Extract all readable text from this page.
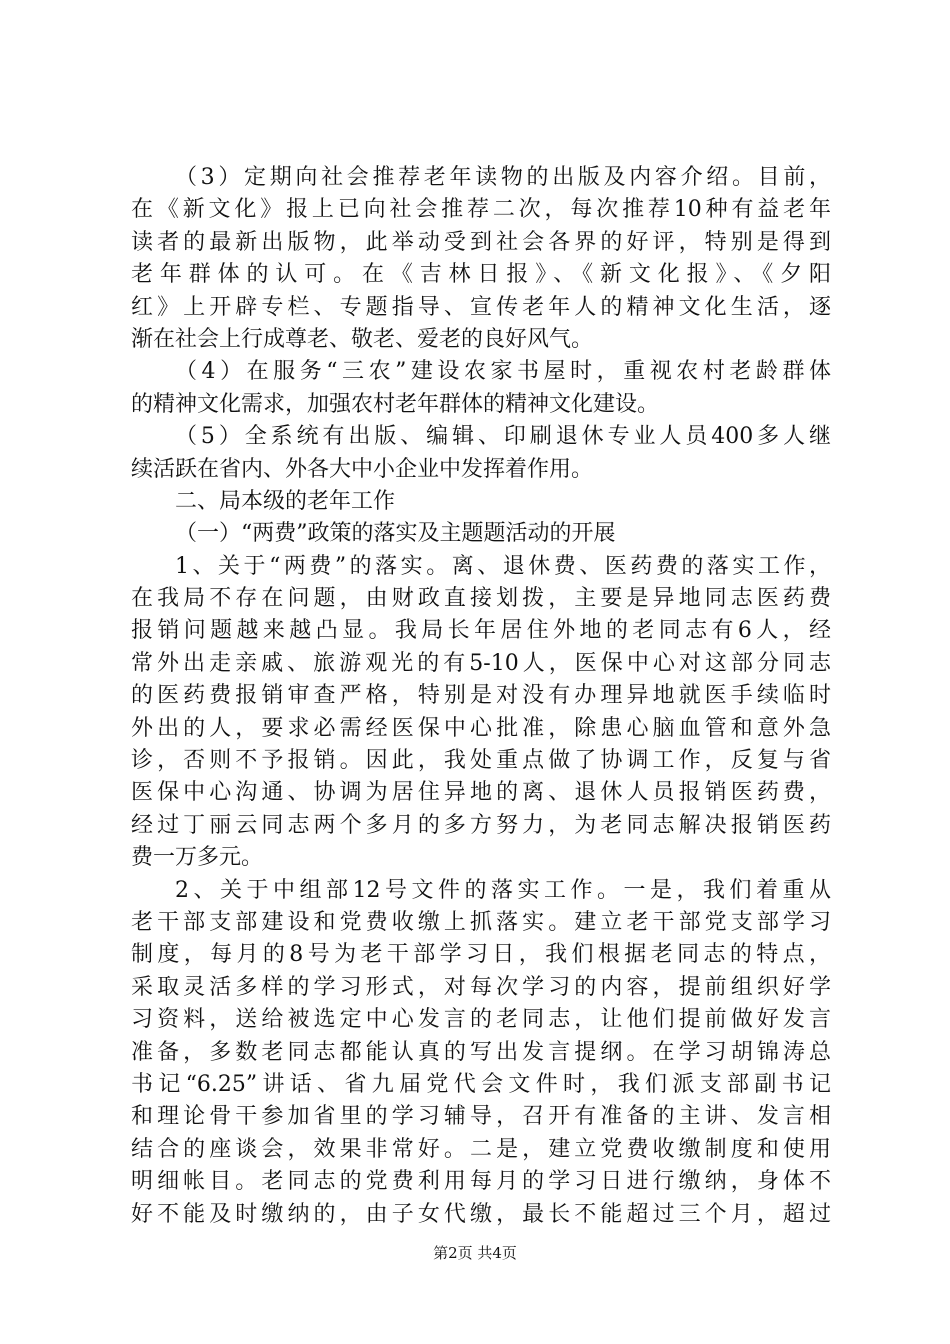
（3）定期向社会推荐老年读物的出版及内容介绍。目前，
在《新文化》报上已向社会推荐二次，每次推荐10种有益老年
读者的最新出版物，此举动受到社会各界的好评，特别是得到
老年群体的认可。在《吉林日报》、《新文化报》、《夕阳
红》上开辟专栏、专题指导、宣传老年人的精神文化生活，逐
渐在社会上行成尊老、敬老、爱老的良好风气。
（4）在服务“三农”建设农家书屋时，重视农村老龄群体
的精神文化需求，加强农村老年群体的精神文化建设。
（5）全系统有出版、编辑、印刷退休专业人员400多人继
续活跃在省内、外各大中小企业中发挥着作用。
二、局本级的老年工作
（一）“两费”政策的落实及主题题活动的开展
1、关于“两费”的落实。离、退休费、医药费的落实工作，
在我局不存在问题，由财政直接划拨，主要是异地同志医药费
报销问题越来越凸显。我局长年居住外地的老同志有6人，经
常外出走亲戚、旅游观光的有5-10人，医保中心对这部分同志
的医药费报销审查严格，特别是对没有办理异地就医手续临时
外出的人，要求必需经医保中心批准，除患心脑血管和意外急
诊，否则不予报销。因此，我处重点做了协调工作，反复与省
医保中心沟通、协调为居住异地的离、退休人员报销医药费，
经过丁丽云同志两个多月的多方努力，为老同志解决报销医药
费一万多元。
2、关于中组部12号文件的落实工作。一是，我们着重从
老干部支部建设和党费收缴上抓落实。建立老干部党支部学习
制度，每月的8号为老干部学习日，我们根据老同志的特点，
采取灵活多样的学习形式，对每次学习的内容，提前组织好学
习资料，送给被选定中心发言的老同志，让他们提前做好发言
准备，多数老同志都能认真的写出发言提纲。在学习胡锦涛总
书记“6.25”讲话、省九届党代会文件时，我们派支部副书记
和理论骨干参加省里的学习辅导，召开有准备的主讲、发言相
结合的座谈会，效果非常好。二是，建立党费收缴制度和使用
明细帐目。老同志的党费利用每月的学习日进行缴纳，身体不
好不能及时缴纳的，由子女代缴，最长不能超过三个月，超过
第2页 共4页
